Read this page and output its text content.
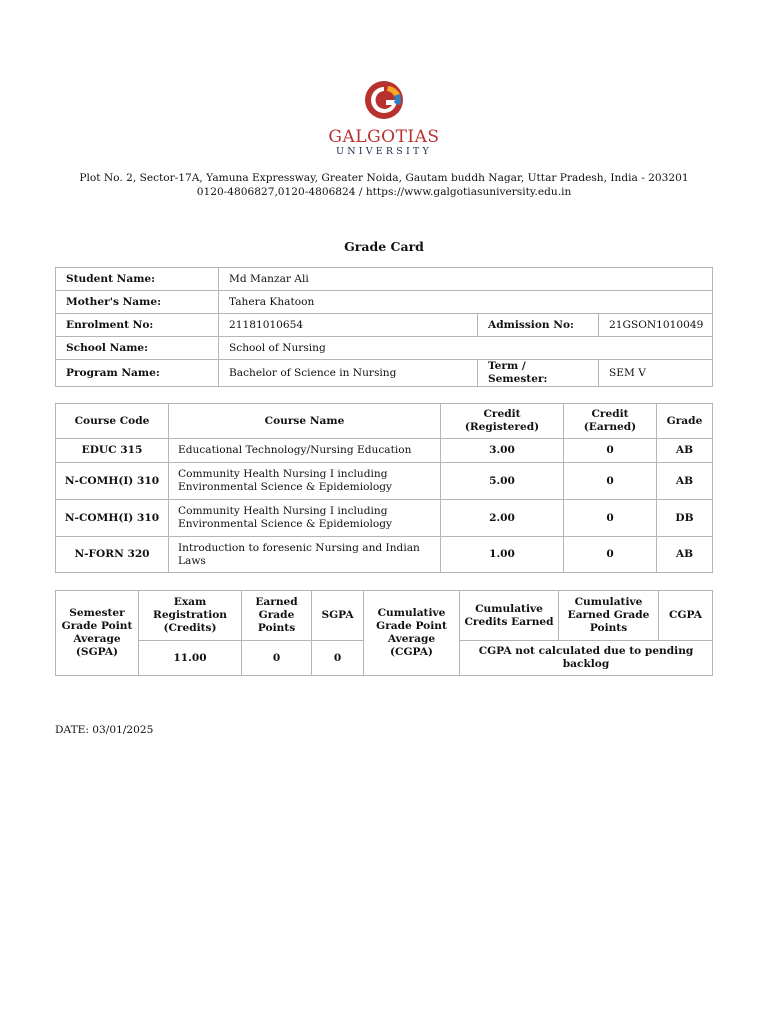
GALGOTIAS
UNIVERSITY
Plot No. 2, Sector-17A, Yamuna Expressway, Greater Noida, Gautam buddh Nagar, Uttar Pradesh, India - 203201
0120-4806827,0120-4806824 / https://www.galgotiasuniversity.edu.in
Grade Card
Student Name:	Md Manzar Ali		
Mother's Name:	Tahera Khatoon		
Enrolment No:	21181010654	Admission No:	21GSON1010049
School Name:	School of Nursing		
Program Name:	Bachelor of Science in Nursing	Term / Semester:	SEM V
Course Code	Course Name	Credit (Registered)	Credit (Earned)	Grade
EDUC 315	Educational Technology/Nursing Education	3.00	0	AB
N-COMH(I) 310	Community Health Nursing I including Environmental Science & Epidemiology	5.00	0	AB
N-COMH(I) 310	Community Health Nursing I including Environmental Science & Epidemiology	2.00	0	DB
N-FORN 320	Introduction to foresenic Nursing and Indian Laws	1.00	0	AB
Semester Grade Point Average (SGPA)	Exam Registration (Credits)	Earned Grade Points	SGPA	Cumulative Grade Point Average (CGPA)	Cumulative Credits Earned	Cumulative Earned Grade Points	CGPA
	11.00	0	0		CGPA not calculated due to pending backlog		
DATE: 03/01/2025
